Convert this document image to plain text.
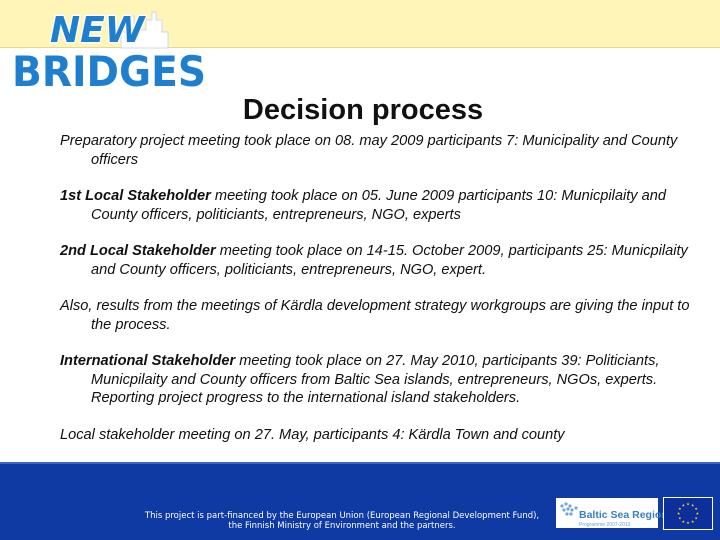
NEW
BRIDGES
Decision process

Preparatory project meeting took place on 08. may 2009 participants 7: Municipality and County officers

1st Local Stakeholder meeting took place on 05. June 2009 participants 10: Municpilaity and County officers, politiciants, entrepreneurs, NGO, experts

2nd Local Stakeholder meeting took place on 14-15. October 2009, participants 25: Municpilaity and County officers, politiciants, entrepreneurs, NGO, expert.

Also, results from the meetings of Kärdla development strategy workgroups are giving the input to the process.

International Stakeholder meeting took place on 27. May 2010, participants 39: Politiciants, Municpilaity and County officers from Baltic Sea islands, entrepreneurs, NGOs, experts. Reporting project progress to the international island stakeholders.

Local stakeholder meeting on 27. May, participants 4: Kärdla Town and county

This project is part-financed by the European Union (European Regional Development Fund),
the Finnish Ministry of Environment and the partners.
Baltic Sea Region
Programme 2007-2013
